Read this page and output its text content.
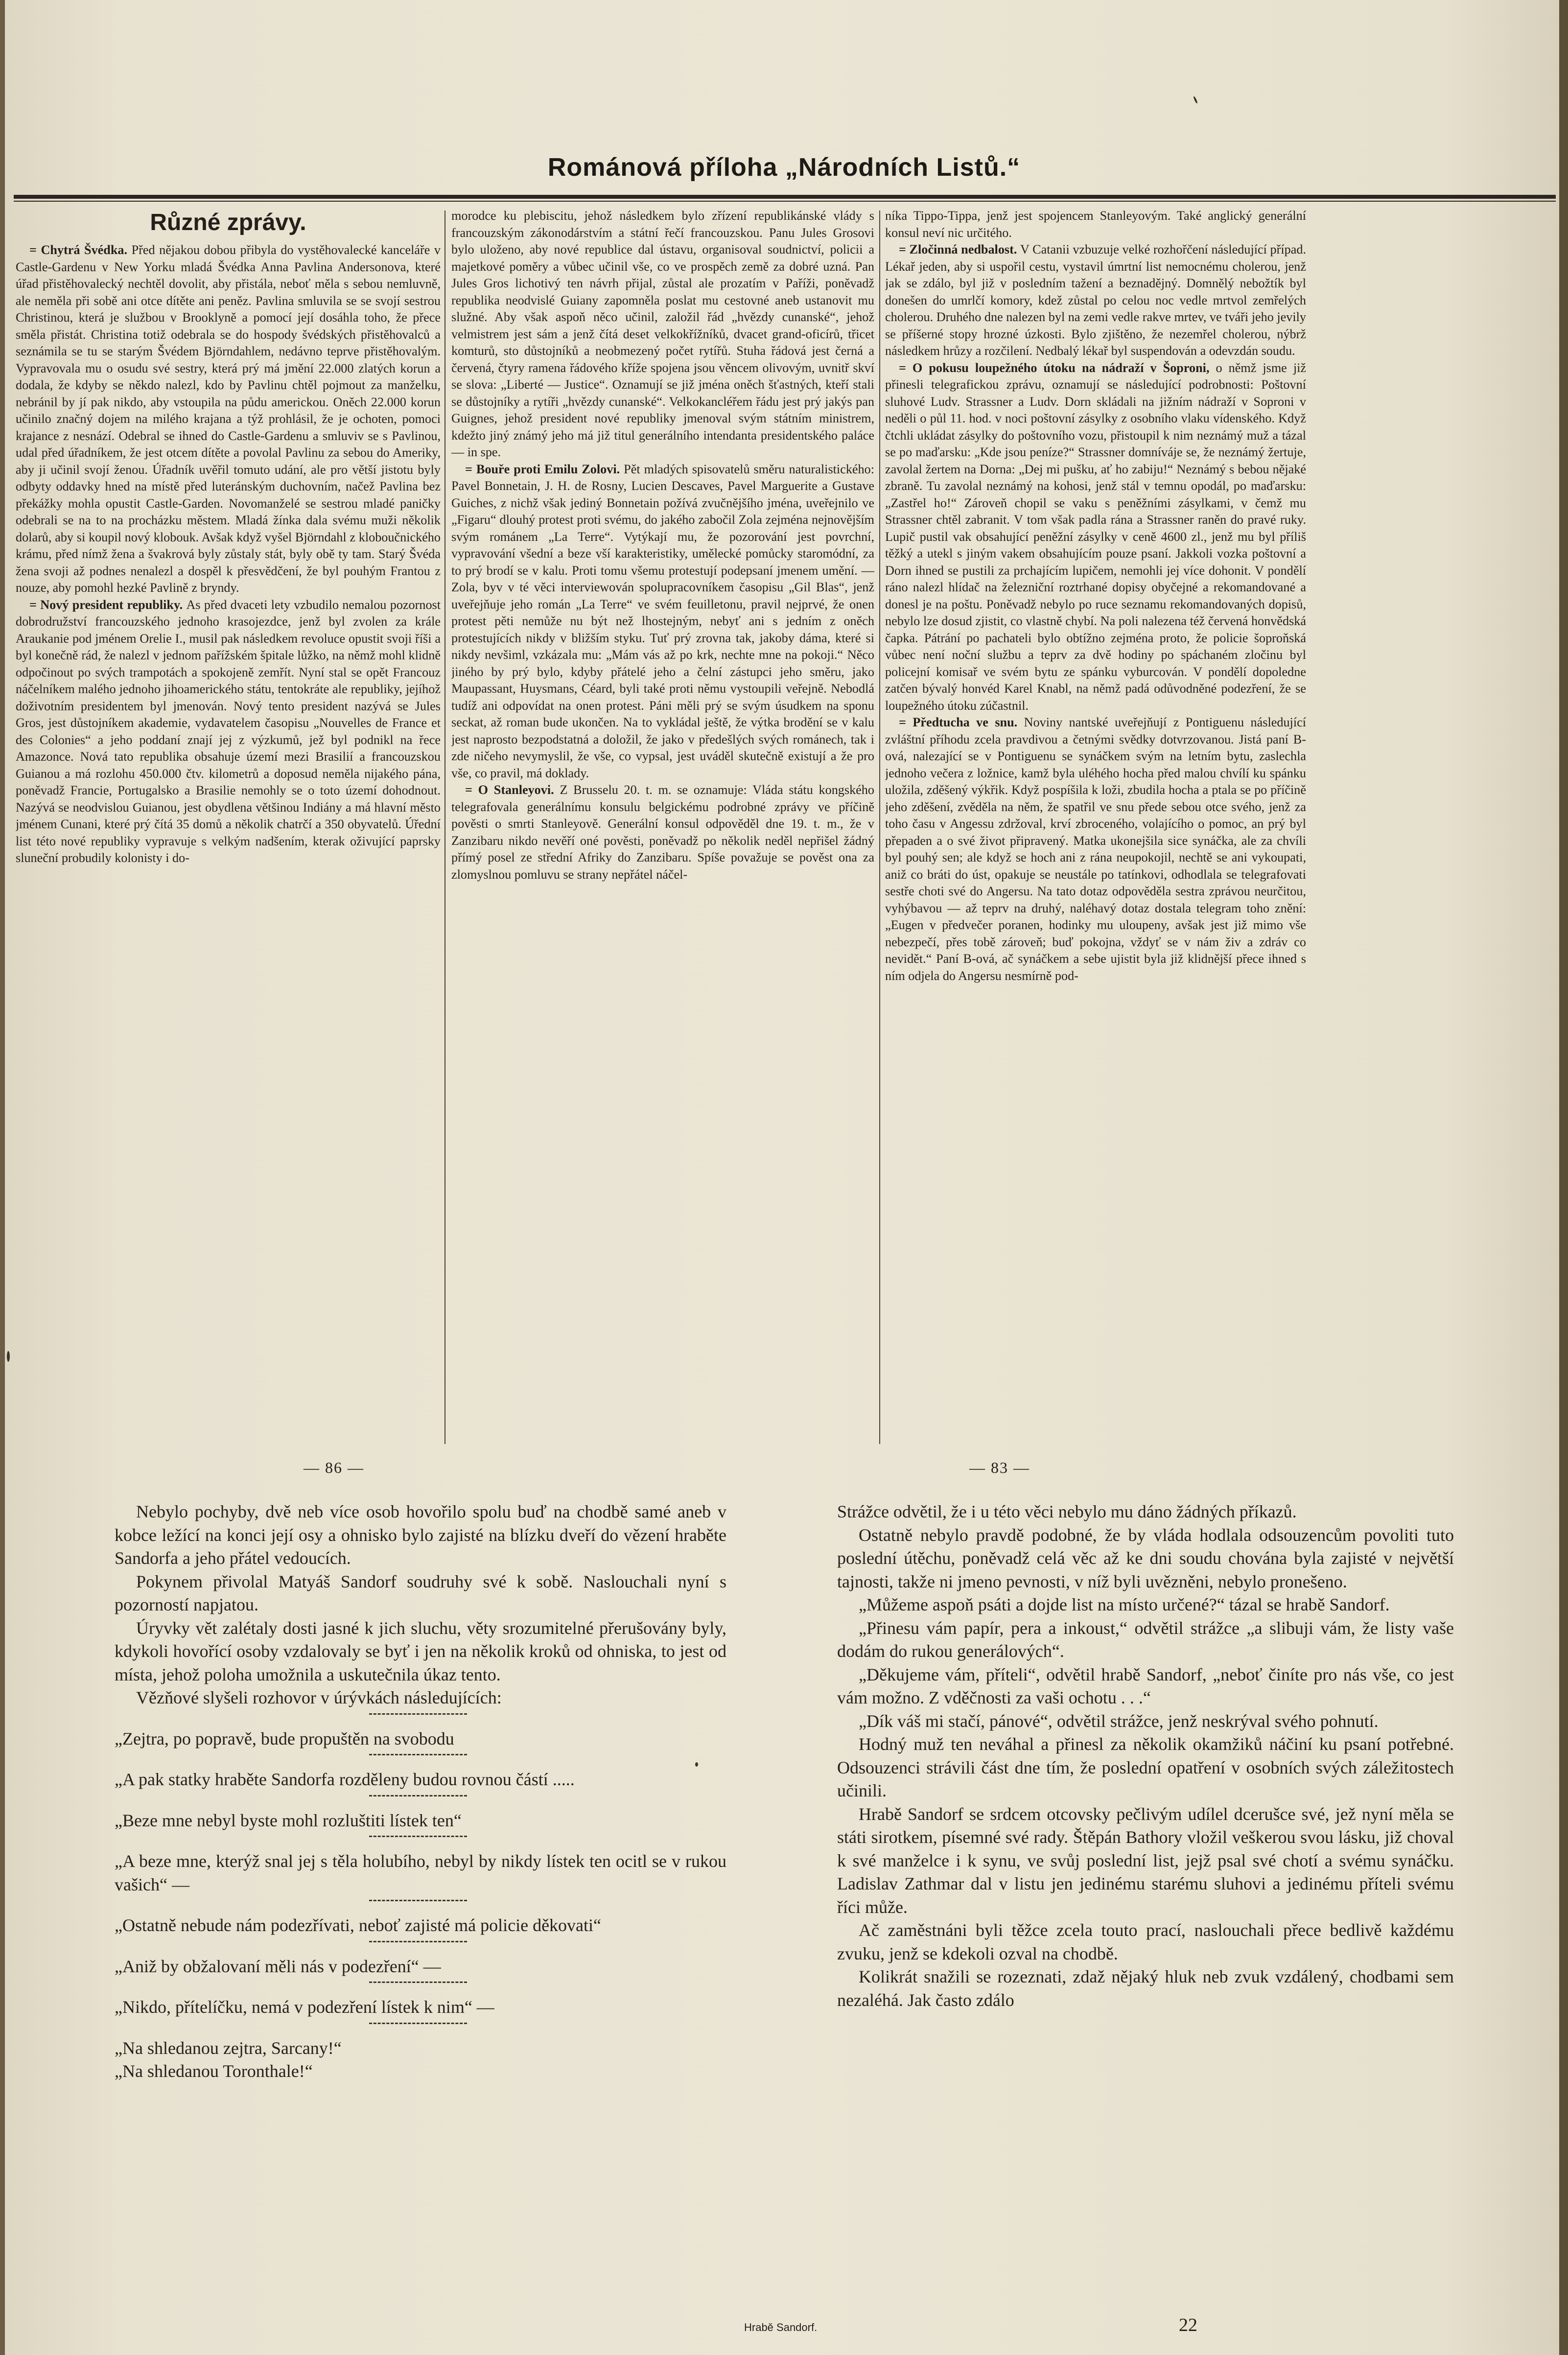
Románová příloha „Národních Listů.“
Různé zprávy.

= Chytrá Švédka. Před nějakou dobou přibyla do vystěhovalecké kanceláře v Castle-Gardenu v New Yorku mladá Švédka Anna Pavlina Andersonova, které úřad přistěhovalecký nechtěl dovolit, aby přistála, neboť měla s sebou nemluvně, ale neměla při sobě ani otce dítěte ani peněz. Pavlina smluvila se se svojí sestrou Christinou, která je službou v Brooklyně a pomocí její dosáhla toho, že přece směla přistát. Christina totiž odebrala se do hospody švédských přistěhovalců a seznámila se tu se starým Švédem Björndahlem, nedávno teprve přistěhovalým. Vypravovala mu o osudu své sestry, která prý má jmění 22.000 zlatých korun a dodala, že kdyby se někdo nalezl, kdo by Pavlinu chtěl pojmout za manželku, nebránil by jí pak nikdo, aby vstoupila na půdu americkou. Oněch 22.000 korun učinilo značný dojem na milého krajana a týž prohlásil, že je ochoten, pomoci krajance z nesnází. Odebral se ihned do Castle-Gardenu a smluviv se s Pavlinou, udal před úřadníkem, že jest otcem dítěte a povolal Pavlinu za sebou do Ameriky, aby ji učinil svojí ženou. Úřadník uvěřil tomuto udání, ale pro větší jistotu byly odbyty oddavky hned na místě před luteránským duchovním, načež Pavlina bez překážky mohla opustit Castle-Garden. Novomanželé se sestrou mladé paničky odebrali se na to na procházku městem. Mladá žínka dala svému muži několik dolarů, aby si koupil nový klobouk. Avšak když vyšel Björndahl z kloboučnického krámu, před nímž žena a švakrová byly zůstaly stát, byly obě ty tam. Starý Švéda žena svoji až podnes nenalezl a dospěl k přesvědčení, že byl pouhým Frantou z nouze, aby pomohl hezké Pavlině z bryndy.

= Nový president republiky. As před dvaceti lety vzbudilo nemalou pozornost dobrodružství francouzského jednoho krasojezdce, jenž byl zvolen za krále Araukanie pod jménem Orelie I., musil pak následkem revoluce opustit svoji říši a byl konečně rád, že nalezl v jednom pařížském špitale lůžko, na němž mohl klidně odpočinout po svých trampotách a spokojeně zemřít. Nyní stal se opět Francouz náčelníkem malého jednoho jihoamerického státu, tentokráte ale republiky, jejíhož doživotním presidentem byl jmenován. Nový tento president nazývá se Jules Gros, jest důstojníkem akademie, vydavatelem časopisu „Nouvelles de France et des Colonies“ a jeho poddaní znají jej z výzkumů, jež byl podnikl na řece Amazonce. Nová tato republika obsahuje území mezi Brasilií a francouzskou Guianou a má rozlohu 450.000 čtv. kilometrů a doposud neměla nijakého pána, poněvadž Francie, Portugalsko a Brasilie nemohly se o toto území dohodnout. Nazývá se neodvislou Guianou, jest obydlena většinou Indiány a má hlavní město jménem Cunani, které prý čítá 35 domů a několik chatrčí a 350 obyvatelů. Úřední list této nové republiky vypravuje s velkým nadšením, kterak oživující paprsky sluneční probudily kolonisty i do-

morodce ku plebiscitu, jehož následkem bylo zřízení republikánské vlády s francouzským zákonodárstvím a státní řečí francouzskou. Panu Jules Grosovi bylo uloženo, aby nové republice dal ústavu, organisoval soudnictví, policii a majetkové poměry a vůbec učinil vše, co ve prospěch země za dobré uzná. Pan Jules Gros lichotivý ten návrh přijal, zůstal ale prozatím v Paříži, poněvadž republika neodvislé Guiany zapomněla poslat mu cestovné aneb ustanovit mu služné. Aby však aspoň něco učinil, založil řád „hvězdy cunanské“, jehož velmistrem jest sám a jenž čítá deset velkokřížníků, dvacet grand-oficírů, třicet komturů, sto důstojníků a neobmezený počet rytířů. Stuha řádová jest černá a červená, čtyry ramena řádového kříže spojena jsou věncem olivovým, uvnitř skví se slova: „Liberté — Justice“. Oznamují se již jména oněch šťastných, kteří stali se důstojníky a rytíři „hvězdy cunanské“. Velkokancléřem řádu jest prý jakýs pan Guignes, jehož president nové republiky jmenoval svým státním ministrem, kdežto jiný známý jeho má již titul generálního intendanta presidentského paláce — in spe.

= Bouře proti Emilu Zolovi. Pět mladých spisovatelů směru naturalistického: Pavel Bonnetain, J. H. de Rosny, Lucien Descaves, Pavel Marguerite a Gustave Guiches, z nichž však jediný Bonnetain požívá zvučnějšího jména, uveřejnilo ve „Figaru“ dlouhý protest proti svému, do jakého zabočil Zola zejména nejnovějším svým románem „La Terre“. Vytýkají mu, že pozorování jest povrchní, vypravování všední a beze vší karakteristiky, umělecké pomůcky staromódní, za to prý brodí se v kalu. Proti tomu všemu protestují podepsaní jmenem umění. — Zola, byv v té věci interviewován spolupracovníkem časopisu „Gil Blas“, jenž uveřejňuje jeho román „La Terre“ ve svém feuilletonu, pravil nejprvé, že onen protest pěti nemůže nu být než lhostejným, nebyť ani s jedním z oněch protestujících nikdy v bližším styku. Tuť prý zrovna tak, jakoby dáma, které si nikdy nevšiml, vzkázala mu: „Mám vás až po krk, nechte mne na pokoji.“ Něco jiného by prý bylo, kdyby přátelé jeho a čelní zástupci jeho směru, jako Maupassant, Huysmans, Céard, byli také proti němu vystoupili veřejně. Nebodlá tudíž ani odpovídat na onen protest. Páni měli prý se svým úsudkem na sponu seckat, až roman bude ukončen. Na to vykládal ještě, že výtka brodění se v kalu jest naprosto bezpodstatná a doložil, že jako v předešlých svých románech, tak i zde ničeho nevymyslil, že vše, co vypsal, jest uváděl skutečně existují a že pro vše, co pravil, má doklady.

= O Stanleyovi. Z Brusselu 20. t. m. se oznamuje: Vláda státu kongského telegrafovala generálnímu konsulu belgickému podrobné zprávy ve příčině pověsti o smrti Stanleyově. Generální konsul odpověděl dne 19. t. m., že v Zanzibaru nikdo nevěří oné pověsti, poněvadž po několik neděl nepřišel žádný přímý posel ze střední Afriky do Zanzibaru. Spíše považuje se pověst ona za zlomyslnou pomluvu se strany nepřátel náčel-

níka Tippo-Tippa, jenž jest spojencem Stanleyovým. Také anglický generální konsul neví nic určitého.

= Zločinná nedbalost. V Catanii vzbuzuje velké rozhořčení následující případ. Lékař jeden, aby si uspořil cestu, vystavil úmrtní list nemocnému cholerou, jenž jak se zdálo, byl již v posledním tažení a beznadějný. Domnělý nebožtík byl donešen do umrlčí komory, kdež zůstal po celou noc vedle mrtvol zemřelých cholerou. Druhého dne nalezen byl na zemi vedle rakve mrtev, ve tváři jeho jevily se příšerné stopy hrozné úzkosti. Bylo zjištěno, že nezemřel cholerou, nýbrž následkem hrůzy a rozčilení. Nedbalý lékař byl suspendován a odevzdán soudu.

= O pokusu loupežného útoku na nádraží v Šoproni, o němž jsme již přinesli telegrafickou zprávu, oznamují se následující podrobnosti: Poštovní sluhové Ludv. Strassner a Ludv. Dorn skládali na jižním nádraží v Soproni v neděli o půl 11. hod. v noci poštovní zásylky z osobního vlaku vídenského. Když čtchli ukládat zásylky do poštovního vozu, přistoupil k nim neznámý muž a tázal se po maďarsku: „Kde jsou peníze?“ Strassner domníváje se, že neznámý žertuje, zavolal žertem na Dorna: „Dej mi pušku, ať ho zabiju!“ Neznámý s bebou nějaké zbraně. Tu zavolal neznámý na kohosi, jenž stál v temnu opodál, po maďarsku: „Zastřel ho!“ Zároveň chopil se vaku s peněžními zásylkami, v čemž mu Strassner chtěl zabranit. V tom však padla rána a Strassner raněn do pravé ruky. Lupič pustil vak obsahující peněžní zásylky v ceně 4600 zl., jenž mu byl příliš těžký a utekl s jiným vakem obsahujícím pouze psaní. Jakkoli vozka poštovní a Dorn ihned se pustili za prchajícím lupičem, nemohli jej více dohonit. V pondělí ráno nalezl hlídač na železniční roztrhané dopisy obyčejné a rekomandované a donesl je na poštu. Poněvadž nebylo po ruce seznamu rekomandovaných dopisů, nebylo lze dosud zjistit, co vlastně chybí. Na poli nalezena též červená honvědská čapka. Pátrání po pachateli bylo obtížno zejména proto, že policie šoproňská vůbec není noční službu a teprv za dvě hodiny po spáchaném zločinu byl policejní komisař ve svém bytu ze spánku vyburcován. V pondělí dopoledne zatčen bývalý honvéd Karel Knabl, na němž padá odůvodněné podezření, že se loupežného útoku zúčastnil.

= Předtucha ve snu. Noviny nantské uveřejňují z Pontiguenu následující zvláštní příhodu zcela pravdivou a četnými svědky dotvrzovanou. Jistá paní B-ová, nalezající se v Pontiguenu se synáčkem svým na letním bytu, zaslechla jednoho večera z ložnice, kamž byla uléhého hocha před malou chvílí ku spánku uložila, zděšený výkřik. Když pospíšila k loži, zbudila hocha a ptala se po příčině jeho zděšení, zvěděla na něm, že spatřil ve snu přede sebou otce svého, jenž za toho času v Angessu zdržoval, krví zbroceného, volajícího o pomoc, an prý byl přepaden a o své život připravený. Matka ukonejšila sice synáčka, ale za chvíli byl pouhý sen; ale když se hoch ani z rána neupokojil, nechtě se ani vykoupati, aniž co bráti do úst, opakuje se neustále po tatínkovi, odhodlala se telegrafovati sestře choti své do Angersu. Na tato dotaz odpověděla sestra zprávou neurčitou, vyhýbavou — až teprv na druhý, naléhavý dotaz dostala telegram toho znění: „Eugen v předvečer poranen, hodinky mu uloupeny, avšak jest již mimo vše nebezpečí, přes tobě zároveň; buď pokojna, vždyť se v nám živ a zdráv co nevidět.“ Paní B-ová, ač synáčkem a sebe ujistit byla již klidnější přece ihned s ním odjela do Angersu nesmírně pod-

— 86 —	— 83 —

Nebylo pochyby, dvě neb více osob hovořilo spolu buď na chodbě samé aneb v kobce ležící na konci její osy a ohnisko bylo zajisté na blízku dveří do vězení hraběte Sandorfa a jeho přátel vedoucích.

Pokynem přivolal Matyáš Sandorf soudruhy své k sobě. Naslouchali nyní s pozorností napjatou.

Úryvky vět zalétaly dosti jasné k jich sluchu, věty srozumitelné přerušovány byly, kdykoli hovořící osoby vzdalovaly se byť i jen na několik kroků od ohniska, to jest od místa, jehož poloha umožnila a uskutečnila úkaz tento.

Vězňové slyšeli rozhovor v úrývkách následujících:

„Zejtra, po popravě, bude propuštěn na svobodu

„A pak statky hraběte Sandorfa rozděleny budou rovnou částí .....

„Beze mne nebyl byste mohl rozluštiti lístek ten“

„A beze mne, kterýž snal jej s těla holubího, nebyl by nikdy lístek ten ocitl se v rukou vašich“ —

„Ostatně nebude nám podezřívati, neboť zajisté má policie děkovati“

„Aniž by obžalovaní měli nás v podezření“ —

„Nikdo, přítelíčku, nemá v podezření lístek k nim“ —

„Na shledanou zejtra, Sarcany!“

„Na shledanou Toronthale!“

Strážce odvětil, že i u této věci nebylo mu dáno žádných příkazů.

Ostatně nebylo pravdě podobné, že by vláda hodlala odsouzencům povoliti tuto poslední útěchu, poněvadž celá věc až ke dni soudu chována byla zajisté v největší tajnosti, takže ni jmeno pevnosti, v níž byli uvězněni, nebylo pronešeno.

„Můžeme aspoň psáti a dojde list na místo určené?“ tázal se hrabě Sandorf.

„Přinesu vám papír, pera a inkoust,“ odvětil strážce „a slibuji vám, že listy vaše dodám do rukou generálových“.

„Děkujeme vám, příteli“, odvětil hrabě Sandorf, „neboť činíte pro nás vše, co jest vám možno. Z vděčnosti za vaši ochotu . . .“

„Dík váš mi stačí, pánové“, odvětil strážce, jenž neskrýval svého pohnutí.

Hodný muž ten neváhal a přinesl za několik okamžiků náčiní ku psaní potřebné. Odsouzenci strávili část dne tím, že poslední opatření v osobních svých záležitostech učinili.

Hrabě Sandorf se srdcem otcovsky pečlivým udílel dcerušce své, jež nyní měla se státi sirotkem, písemné své rady. Štěpán Bathory vložil veškerou svou lásku, již choval k své manželce i k synu, ve svůj poslední list, jejž psal své chotí a svému synáčku. Ladislav Zathmar dal v listu jen jedinému starému sluhovi a jedinému příteli svému říci může.

Ač zaměstnáni byli těžce zcela touto prací, naslouchali přece bedlivě každému zvuku, jenž se kdekoli ozval na chodbě.

Kolikrát snažili se rozeznati, zdaž nějaký hluk neb zvuk vzdálený, chodbami sem nezaléhá. Jak často zdálo

Hrabě Sandorf.	22
